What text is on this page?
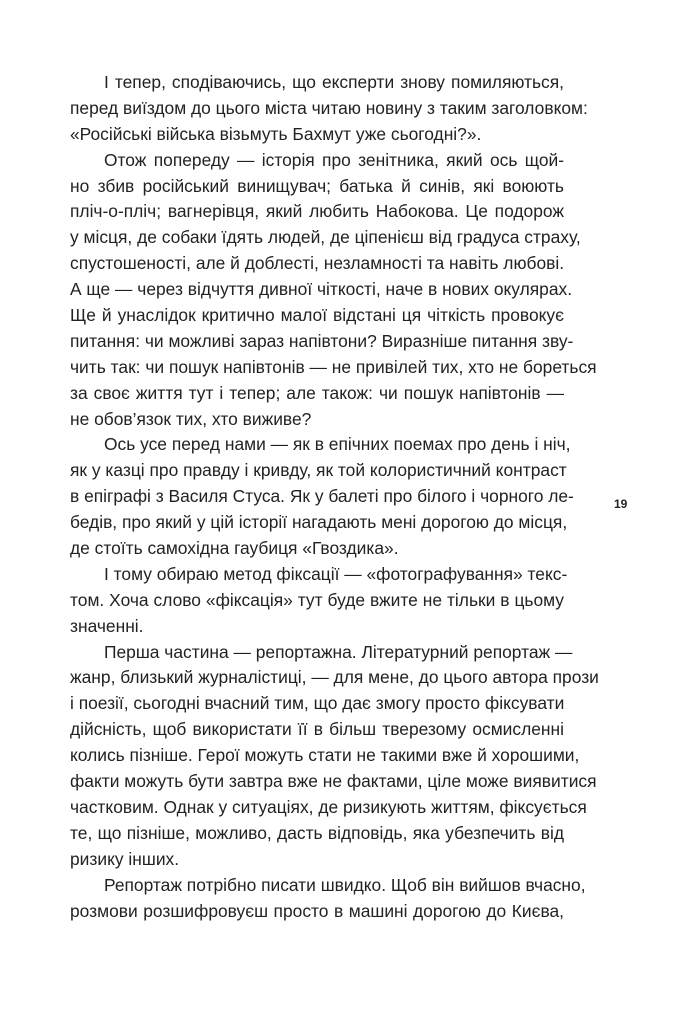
І тепер, сподіваючись, що експерти знову помиляються,
перед виїздом до цього міста читаю новину з таким заголовком:
«Російські війська візьмуть Бахмут уже сьогодні?».
Отож попереду — історія про зенітника, який ось щой-
но збив російський винищувач; батька й синів, які воюють
пліч-о-пліч; вагнерівця, який любить Набокова. Це подорож
у місця, де собаки їдять людей, де ціпенієш від градуса страху,
спустошеності, але й доблесті, незламності та навіть любові.
А ще — через відчуття дивної чіткості, наче в нових окулярах.
Ще й унаслідок критично малої відстані ця чіткість провокує
питання: чи можливі зараз напівтони? Виразніше питання зву-
чить так: чи пошук напівтонів — не привілей тих, хто не бореться
за своє життя тут і тепер; але також: чи пошук напівтонів —
не обов’язок тих, хто виживе?
Ось усе перед нами — як в епічних поемах про день і ніч,
як у казці про правду і кривду, як той колористичний контраст
в епіграфі з Василя Стуса. Як у балеті про білого і чорного ле-
бедів, про який у цій історії нагадають мені дорогою до місця,
де стоїть самохідна гаубиця «Гвоздика».
І тому обираю метод фіксації — «фотографування» текс-
том. Хоча слово «фіксація» тут буде вжите не тільки в цьому
значенні.
Перша частина — репортажна. Літературний репортаж —
жанр, близький журналістиці, — для мене, до цього автора прози
і поезії, сьогодні вчасний тим, що дає змогу просто фіксувати
дійсність, щоб використати її в більш тверезому осмисленні
колись пізніше. Герої можуть стати не такими вже й хорошими,
факти можуть бути завтра вже не фактами, ціле може виявитися
частковим. Однак у ситуаціях, де ризикують життям, фіксується
те, що пізніше, можливо, дасть відповідь, яка убезпечить від
ризику інших.
Репортаж потрібно писати швидко. Щоб він вийшов вчасно,
розмови розшифровуєш просто в машині дорогою до Києва,
19
